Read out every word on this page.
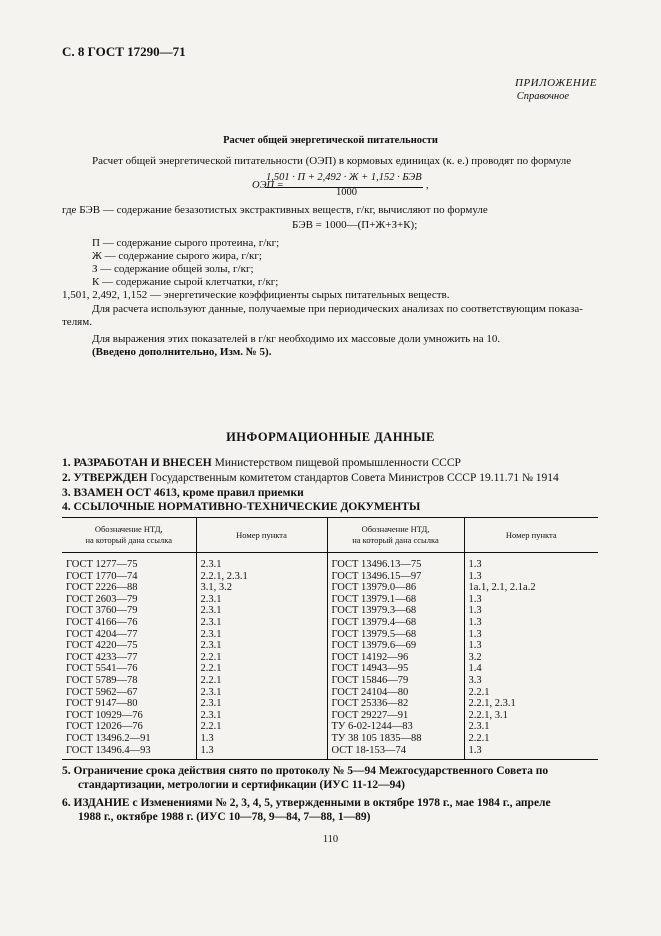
С. 8 ГОСТ 17290—71
ПРИЛОЖЕНИЕ
Справочное
Расчет общей энергетической питательности
Расчет общей энергетической питательности (ОЭП) в кормовых единицах (к. е.) проводят по формуле
ОЭП =
1,501 · П + 2,492 · Ж + 1,152 · БЭВ
1000
,
где БЭВ — содержание безазотистых экстрактивных веществ, г/кг, вычисляют по формуле
БЭВ = 1000—(П+Ж+З+К);
П — содержание сырого протеина, г/кг;
Ж — содержание сырого жира, г/кг;
З — содержание общей золы, г/кг;
К — содержание сырой клетчатки, г/кг;
1,501, 2,492, 1,152 — энергетические коэффициенты сырых питательных веществ.
Для расчета используют данные, получаемые при периодических анализах по соответствующим показа-
телям.
Для выражения этих показателей в г/кг необходимо их массовые доли умножить на 10.
(Введено дополнительно, Изм. № 5).
ИНФОРМАЦИОННЫЕ ДАННЫЕ
1. РАЗРАБОТАН И ВНЕСЕН Министерством пищевой промышленности СССР
2. УТВЕРЖДЕН Государственным комитетом стандартов Совета Министров СССР 19.11.71 № 1914
3. ВЗАМЕН ОСТ 4613, кроме правил приемки
4. ССЫЛОЧНЫЕ НОРМАТИВНО-ТЕХНИЧЕСКИЕ ДОКУМЕНТЫ
Обозначение НТД,
на который дана ссылка	Номер пункта	Обозначение НТД,
на который дана ссылка	Номер пункта
ГОСТ 1277—75	2.3.1	ГОСТ 13496.13—75	1.3
ГОСТ 1770—74	2.2.1, 2.3.1	ГОСТ 13496.15—97	1.3
ГОСТ 2226—88	3.1, 3.2	ГОСТ 13979.0—86	1а.1, 2.1, 2.1а.2
ГОСТ 2603—79	2.3.1	ГОСТ 13979.1—68	1.3
ГОСТ 3760—79	2.3.1	ГОСТ 13979.3—68	1.3
ГОСТ 4166—76	2.3.1	ГОСТ 13979.4—68	1.3
ГОСТ 4204—77	2.3.1	ГОСТ 13979.5—68	1.3
ГОСТ 4220—75	2.3.1	ГОСТ 13979.6—69	1.3
ГОСТ 4233—77	2.2.1	ГОСТ 14192—96	3.2
ГОСТ 5541—76	2.2.1	ГОСТ 14943—95	1.4
ГОСТ 5789—78	2.2.1	ГОСТ 15846—79	3.3
ГОСТ 5962—67	2.3.1	ГОСТ 24104—80	2.2.1
ГОСТ 9147—80	2.3.1	ГОСТ 25336—82	2.2.1, 2.3.1
ГОСТ 10929—76	2.3.1	ГОСТ 29227—91	2.2.1, 3.1
ГОСТ 12026—76	2.2.1	ТУ 6-02-1244—83	2.3.1
ГОСТ 13496.2—91	1.3	ТУ 38 105 1835—88	2.2.1
ГОСТ 13496.4—93	1.3	ОСТ 18-153—74	1.3
5. Ограничение срока действия снято по протоколу № 5—94 Межгосударственного Совета по
стандартизации, метрологии и сертификации (ИУС 11-12—94)
6. ИЗДАНИЕ с Изменениями № 2, 3, 4, 5, утвержденными в октябре 1978 г., мае 1984 г., апреле
1988 г., октябре 1988 г. (ИУС 10—78, 9—84, 7—88, 1—89)
110
